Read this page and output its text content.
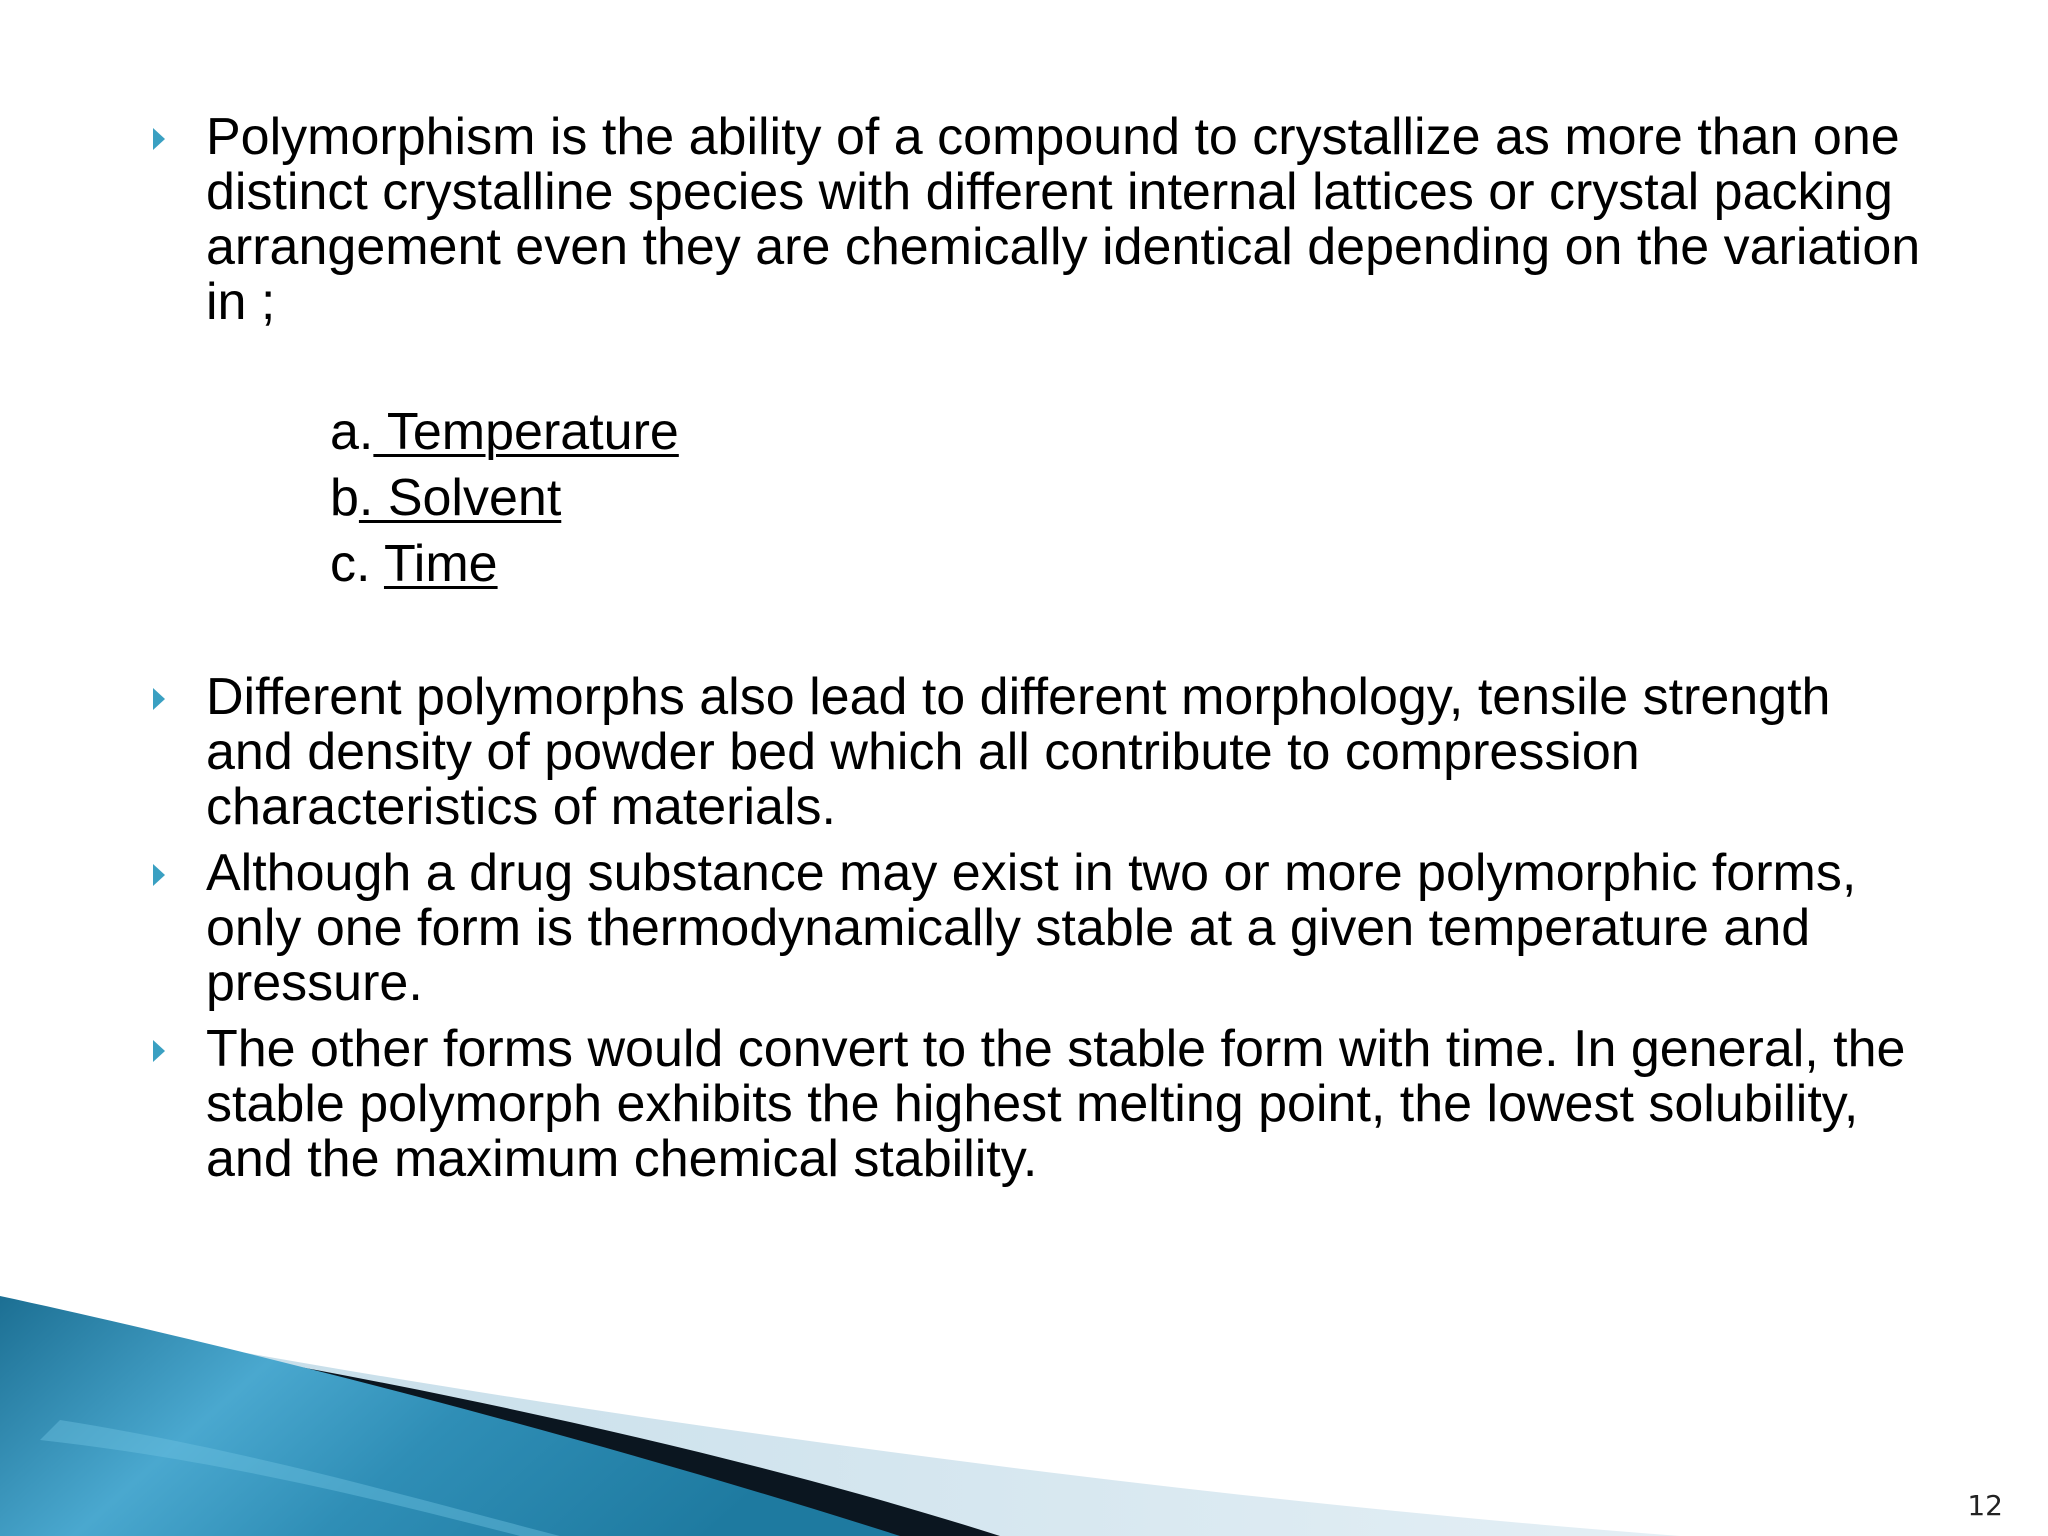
Polymorphism is the ability of a compound to crystallize as more than one distinct crystalline species with different internal lattices or crystal packing arrangement even they are chemically identical depending on the variation in ;
a. Temperature
b. Solvent
c. Time
Different polymorphs also lead to different morphology, tensile strength and density of powder bed which all contribute to compression characteristics of materials.
Although a drug substance may exist in two or more polymorphic forms, only one form is thermodynamically stable at a given temperature and pressure.
The other forms would convert to the stable form with time. In general, the stable polymorph exhibits the highest melting point, the lowest solubility, and the maximum chemical stability.
12
